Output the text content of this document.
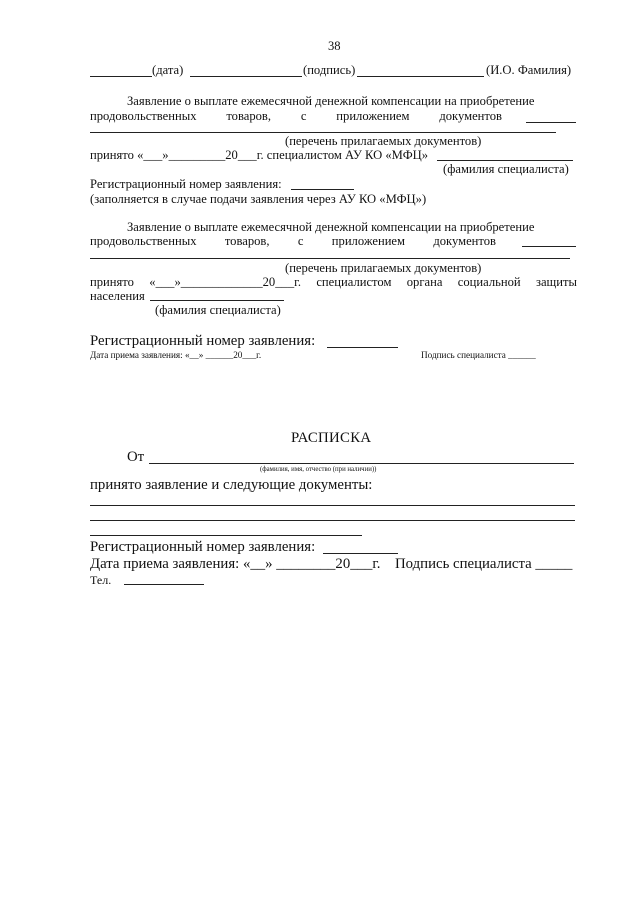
38
(дата)	(подпись)	(И.О. Фамилия)
Заявление о выплате ежемесячной денежной компенсации на приобретение
продовольственных товаров, с приложением документов
(перечень прилагаемых документов)
принято «___»_________20___г. специалистом АУ КО «МФЦ»
(фамилия специалиста)
Регистрационный номер заявления:
(заполняется в случае подачи заявления через АУ КО «МФЦ»)
Заявление о выплате ежемесячной денежной компенсации на приобретение
продовольственных товаров, с приложением документов
(перечень прилагаемых документов)
принято «___»_____________20___г. специалистом органа социальной защиты
населения
(фамилия специалиста)
Регистрационный номер заявления:
Дата приема заявления: «__» ______20___г.	Подпись специалиста ______
РАСПИСКА
От
(фамилия, имя, отчество (при наличии))
принято заявление и следующие документы:
Регистрационный номер заявления:
Дата приема заявления: «__» ________20___г. Подпись специалиста _____
Тел.
